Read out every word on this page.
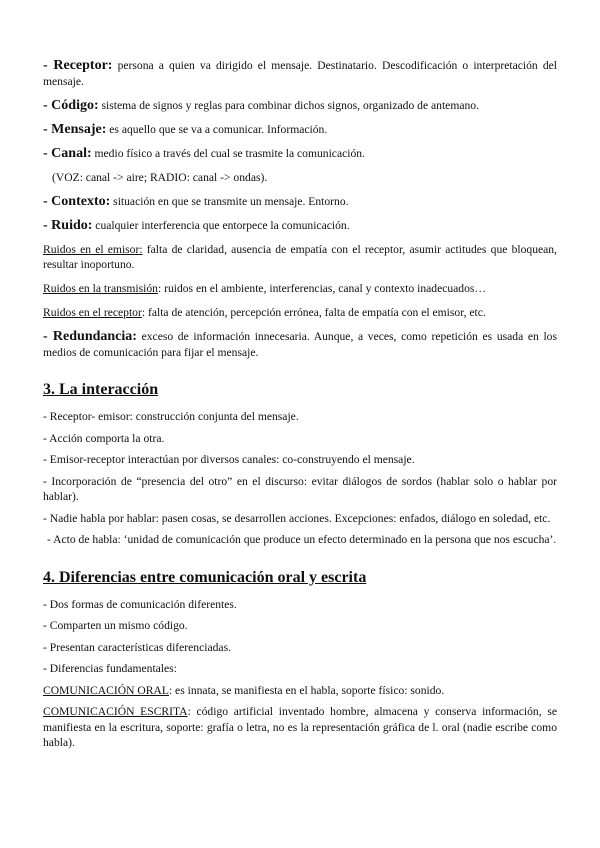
- Receptor: persona a quien va dirigido el mensaje. Destinatario. Descodificación o interpretación del mensaje.

- Código: sistema de signos y reglas para combinar dichos signos, organizado de antemano.

- Mensaje: es aquello que se va a comunicar. Información.

- Canal: medio físico a través del cual se trasmite la comunicación.

(VOZ: canal -> aire; RADIO: canal -> ondas).

- Contexto: situación en que se transmite un mensaje. Entorno.

- Ruido: cualquier interferencia que entorpece la comunicación.

Ruidos en el emisor: falta de claridad, ausencia de empatía con el receptor, asumir actitudes que bloquean, resultar inoportuno.

Ruidos en la transmisión: ruidos en el ambiente, interferencias, canal y contexto inadecuados…

Ruidos en el receptor: falta de atención, percepción errónea, falta de empatía con el emisor, etc.

- Redundancia: exceso de información innecesaria. Aunque, a veces, como repetición es usada en los medios de comunicación para fijar el mensaje.

3. La interacción

- Receptor- emisor: construcción conjunta del mensaje.

- Acción comporta la otra.

- Emisor-receptor interactúan por diversos canales: co-construyendo el mensaje.

- Incorporación de “presencia del otro” en el discurso: evitar diálogos de sordos (hablar solo o hablar por hablar).

- Nadie habla por hablar: pasen cosas, se desarrollen acciones. Excepciones: enfados, diálogo en soledad, etc.

- Acto de habla: ‘unidad de comunicación que produce un efecto determinado en la persona que nos escucha’.

4. Diferencias entre comunicación oral y escrita

- Dos formas de comunicación diferentes.

- Comparten un mismo código.

- Presentan características diferenciadas.

- Diferencias fundamentales:

COMUNICACIÓN ORAL: es innata, se manifiesta en el habla, soporte físico: sonido.

COMUNICACIÓN ESCRITA: código artificial inventado hombre, almacena y conserva información, se manifiesta en la escritura, soporte: grafía o letra, no es la representación gráfica de l. oral (nadie escribe como habla).
